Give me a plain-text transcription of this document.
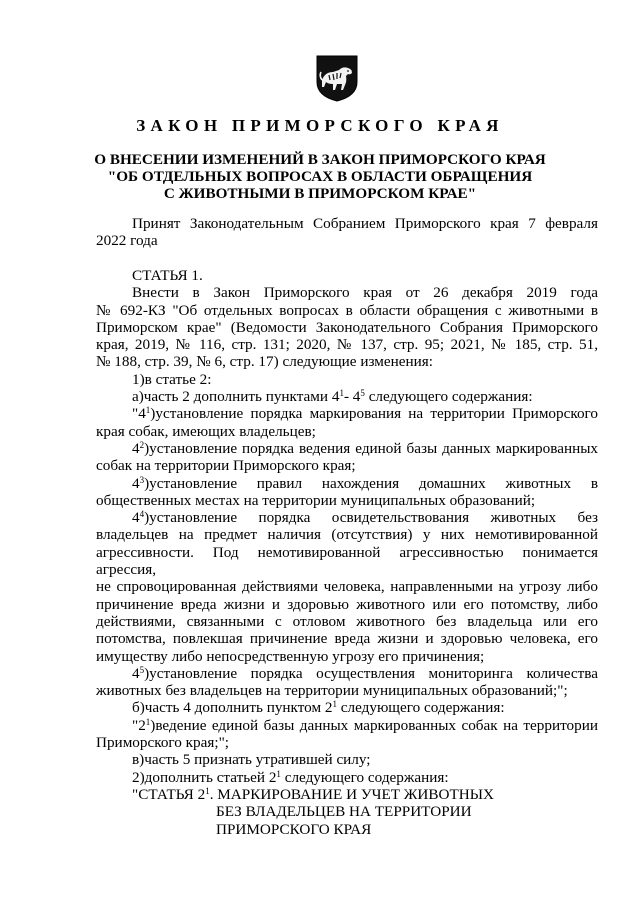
ЗАКОН ПРИМОРСКОГО КРАЯ
О ВНЕСЕНИИ ИЗМЕНЕНИЙ В ЗАКОН ПРИМОРСКОГО КРАЯ
"ОБ ОТДЕЛЬНЫХ ВОПРОСАХ В ОБЛАСТИ ОБРАЩЕНИЯ
С ЖИВОТНЫМИ В ПРИМОРСКОМ КРАЕ"
Принят Законодательным Собранием Приморского края 7 февраля
2022 года
СТАТЬЯ 1.
Внести в Закон Приморского края от 26 декабря 2019 года
№ 692-КЗ "Об отдельных вопросах в области обращения с животными в
Приморском крае" (Ведомости Законодательного Собрания Приморского
края, 2019, № 116, стр. 131; 2020, № 137, стр. 95; 2021, № 185, стр. 51,
№ 188, стр. 39, № 6, стр. 17) следующие изменения:
1)в статье 2:
а)часть 2 дополнить пунктами $4^1-$ $4^5$ следующего содержания:
"$4^1)установление$ порядка маркирования на территории Приморского
края собак, имеющих владельцев;
$4^2)установление$ порядка ведения единой базы данных маркированных
собак на территории Приморского края;
$4^3)установление$ правил нахождения домашних животных в
общественных местах на территории муниципальных образований;
$4^4)установление$ порядка освидетельствования животных без
владельцев на предмет наличия (отсутствия) у них немотивированной
агрессивности. Под немотивированной агрессивностью понимается агрессия,
не спровоцированная действиями человека, направленными на угрозу либо
причинение вреда жизни и здоровью животного или его потомству, либо
действиями, связанными с отловом животного без владельца или его
потомства, повлекшая причинение вреда жизни и здоровью человека, его
имуществу либо непосредственную угрозу его причинения;
$4^5)установление$ порядка осуществления мониторинга количества
животных без владельцев на территории муниципальных образований;";
б)часть 4 дополнить пунктом $2^1$ следующего содержания:
"$2^1)ведение$ единой базы данных маркированных собак на территории
Приморского края;";
в)часть 5 признать утратившей силу;
2)дополнить статьей $2^1$ следующего содержания:
"СТАТЬЯ $2^1$. МАРКИРОВАНИЕ И УЧЕТ ЖИВОТНЫХ
БЕЗ ВЛАДЕЛЬЦЕВ НА ТЕРРИТОРИИ
ПРИМОРСКОГО КРАЯ
